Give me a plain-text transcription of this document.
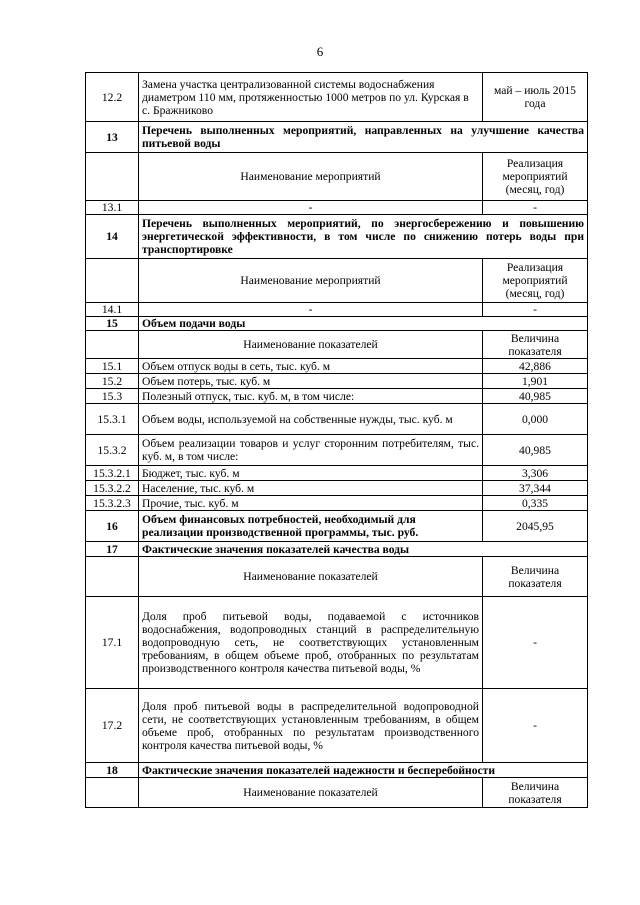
6
12.2	Замена участка централизованной системы водоснабжения диаметром 110 мм, протяженностью 1000 метров по ул. Курская в с. Бражниково	май – июль 2015 года
13	Перечень выполненных мероприятий, направленных на улучшение качества питьевой воды	
	Наименование мероприятий	Реализация мероприятий (месяц, год)
13.1	-	-
14	Перечень выполненных мероприятий, по энергосбережению и повышению энергетической эффективности, в том числе по снижению потерь воды при транспортировке	
	Наименование мероприятий	Реализация мероприятий (месяц, год)
14.1	-	-
15	Объем подачи воды	
	Наименование показателей	Величина показателя
15.1	Объем отпуск воды в сеть, тыс. куб. м	42,886
15.2	Объем потерь, тыс. куб. м	1,901
15.3	Полезный отпуск, тыс. куб. м, в том числе:	40,985
15.3.1	Объем воды, используемой на собственные нужды, тыс. куб. м	0,000
15.3.2	Объем реализации товаров и услуг сторонним потребителям, тыс. куб. м, в том числе:	40,985
15.3.2.1	Бюджет, тыс. куб. м	3,306
15.3.2.2	Население, тыс. куб. м	37,344
15.3.2.3	Прочие, тыс. куб. м	0,335
16	Объем финансовых потребностей, необходимый для реализации производственной программы, тыс. руб.	2045,95
17	Фактические значения показателей качества воды	
	Наименование показателей	Величина показателя
17.1	Доля проб питьевой воды, подаваемой с источников водоснабжения, водопроводных станций в распределительную водопроводную сеть, не соответствующих установленным требованиям, в общем объеме проб, отобранных по результатам производственного контроля качества питьевой воды, %	-
17.2	Доля проб питьевой воды в распределительной водопроводной сети, не соответствующих установленным требованиям, в общем объеме проб, отобранных по результатам производственного контроля качества питьевой воды, %	-
18	Фактические значения показателей надежности и бесперебойности	
	Наименование показателей	Величина показателя
